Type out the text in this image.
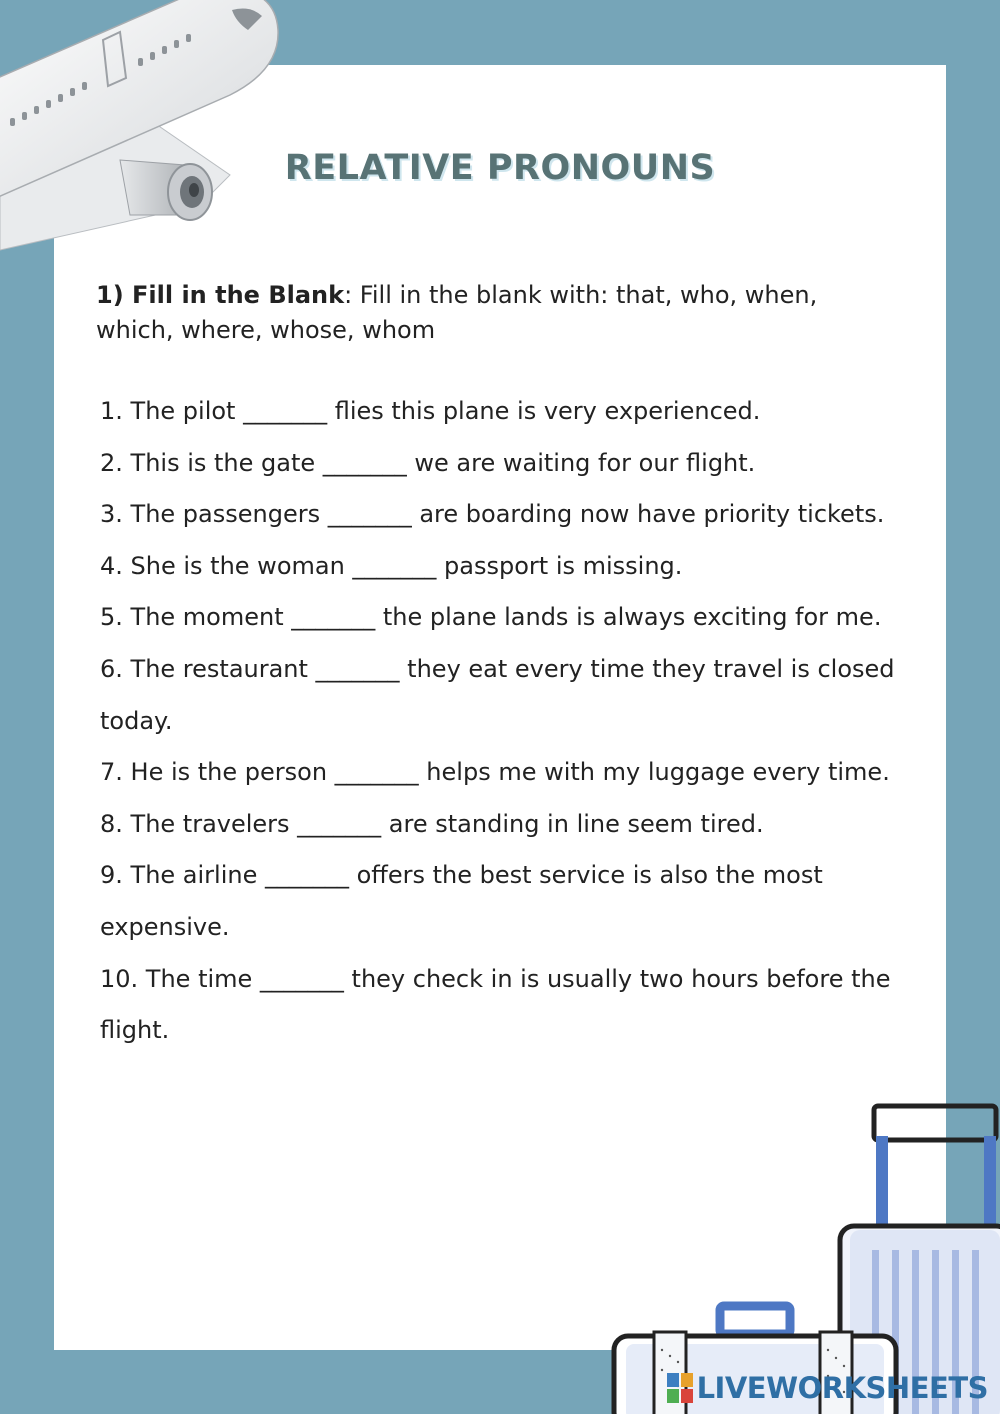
RELATIVE PRONOUNS
1) Fill in the Blank: Fill in the blank with: that, who, when, which, where, whose, whom

1. The pilot _______ flies this plane is very experienced.

2. This is the gate _______ we are waiting for our flight.

3. The passengers _______ are boarding now have priority tickets.

4. She is the woman _______ passport is missing.

5. The moment _______ the plane lands is always exciting for me.

6. The restaurant _______ they eat every time they travel is closed today.

7. He is the person _______ helps me with my luggage every time.

8. The travelers _______ are standing in line seem tired.

9. The airline _______ offers the best service is also the most expensive.

10. The time _______ they check in is usually two hours before the flight.

LIVEWORKSHEETS
